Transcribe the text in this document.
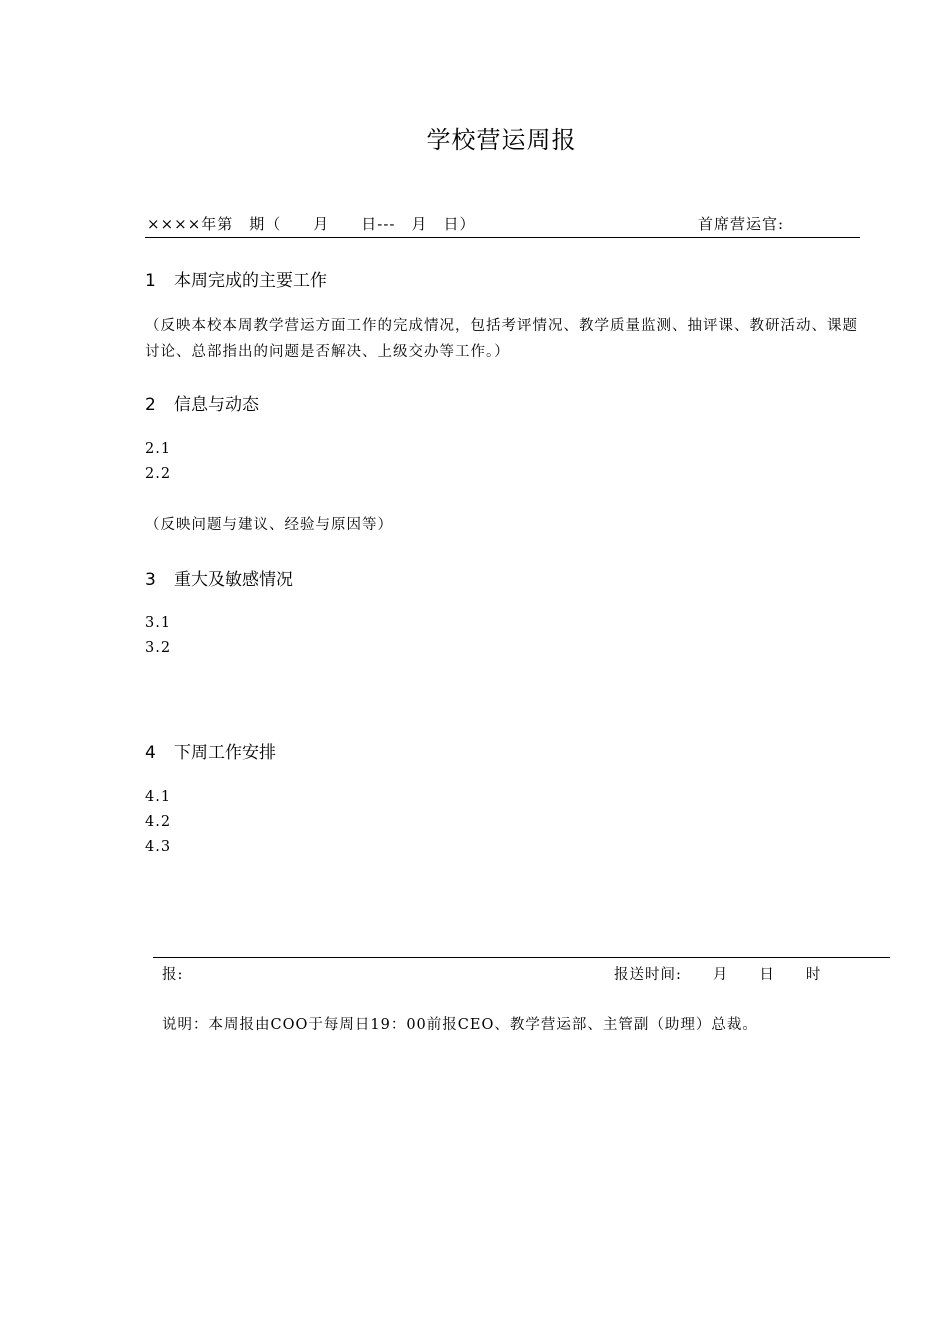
学校营运周报
××××年第　期（　　月　　日---　月　日）	首席营运官:
1 本周完成的主要工作
（反映本校本周教学营运方面工作的完成情况，包括考评情况、教学质量监测、抽评课、教研活动、课题讨论、总部指出的问题是否解决、上级交办等工作。）
2 信息与动态
2.1
2.2
（反映问题与建议、经验与原因等）
3 重大及敏感情况
3.1
3.2
4 下周工作安排
4.1
4.2
4.3
报:	报送时间:　　月　　日　　时
说明：本周报由COO于每周日19：00前报CEO、教学营运部、主管副（助理）总裁。
